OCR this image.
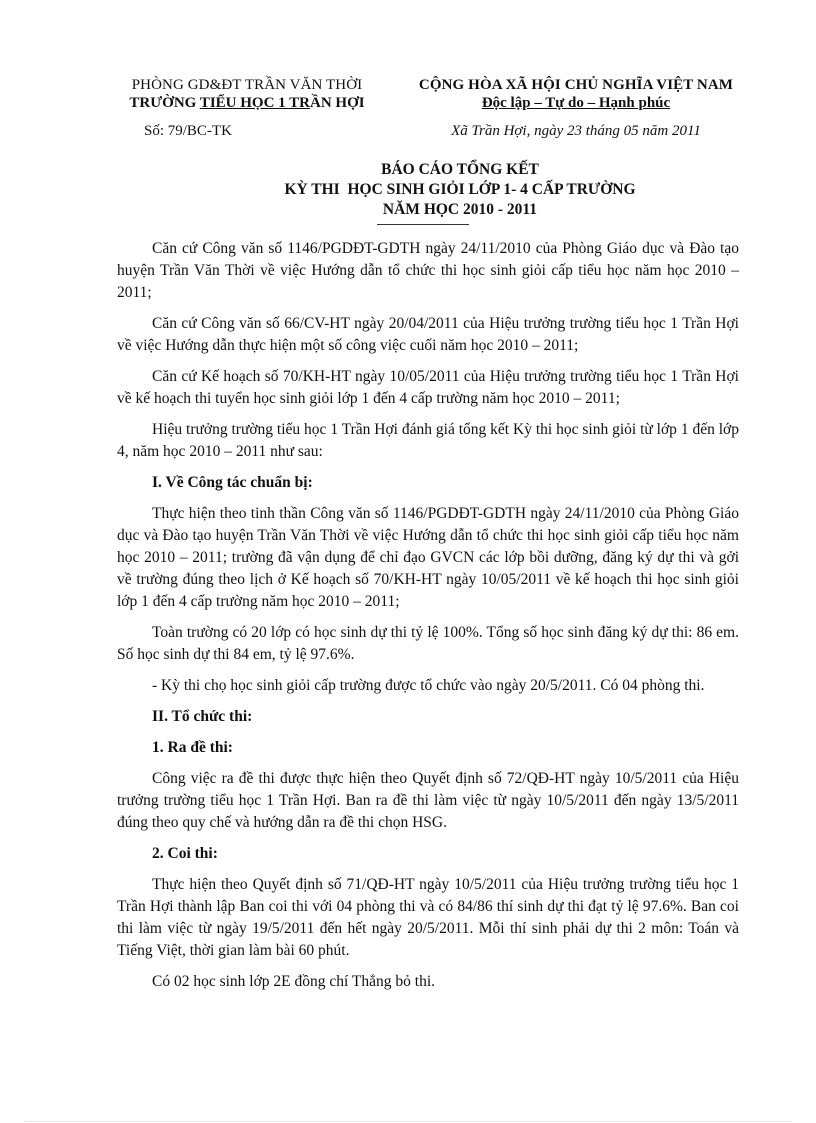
PHÒNG GD&ĐT TRẦN VĂN THỜI
TRƯỜNG TIỂU HỌC 1 TRẦN HỢI
Số: 79/BC-TK
CỘNG HÒA XÃ HỘI CHỦ NGHĨA VIỆT NAM
Độc lập – Tự do – Hạnh phúc
Xã Trần Hợi, ngày 23 tháng 05 năm 2011
BÁO CÁO TỔNG KẾT
KỲ THI  HỌC SINH GIỎI LỚP 1- 4 CẤP TRƯỜNG
NĂM HỌC 2010 - 2011

Căn cứ Công văn số 1146/PGDĐT-GDTH ngày 24/11/2010 của Phòng Giáo dục và Đào tạo huyện Trần Văn Thời về việc Hướng dẫn tổ chức thi học sinh giỏi cấp tiểu học năm học 2010 – 2011;

Căn cứ Công văn số 66/CV-HT ngày 20/04/2011 của Hiệu trưởng trường tiểu học 1 Trần Hợi về việc Hướng dẫn thực hiện một số công việc cuối năm học 2010 – 2011;

Căn cứ Kế hoạch số 70/KH-HT ngày 10/05/2011 của Hiệu trưởng trường tiểu học 1 Trần Hợi về kế hoạch thi tuyển học sinh giỏi lớp 1 đến 4 cấp trường năm học 2010 – 2011;

Hiệu trưởng trường tiểu học 1 Trần Hợi đánh giá tổng kết Kỳ thi học sinh giỏi từ lớp 1 đến lớp 4, năm học 2010 – 2011 như sau:

I. Về Công tác chuẩn bị:

Thực hiện theo tinh thần Công văn số 1146/PGDĐT-GDTH ngày 24/11/2010 của Phòng Giáo dục và Đào tạo huyện Trần Văn Thời về việc Hướng dẫn tổ chức thi học sinh giỏi cấp tiểu học năm học 2010 – 2011; trường đã vận dụng để chỉ đạo GVCN các lớp bồi dưỡng, đăng ký dự thi và gởi về trường đúng theo lịch ở Kế hoạch số 70/KH-HT ngày 10/05/2011 về kế hoạch thi học sinh giỏi lớp 1 đến 4 cấp trường năm học 2010 – 2011;

Toàn trường có 20 lớp có học sinh dự thi tỷ lệ 100%. Tổng số học sinh đăng ký dự thi: 86 em. Số học sinh dự thi 84 em, tỷ lệ 97.6%.

- Kỳ thi chọ học sinh giỏi cấp trường được tổ chức vào ngày 20/5/2011. Có 04 phòng thi.

II. Tổ chức thi:
1. Ra đề thi:

Công việc ra đề thi được thực hiện theo Quyết định số 72/QĐ-HT ngày 10/5/2011 của Hiệu trưởng trường tiểu học 1 Trần Hợi. Ban ra đề thi làm việc từ ngày 10/5/2011 đến ngày 13/5/2011 đúng theo quy chế và hướng dẫn ra đề thi chọn HSG.

2. Coi thi:

Thực hiện theo Quyết định số 71/QĐ-HT ngày 10/5/2011 của Hiệu trưởng trường tiểu học 1 Trần Hợi thành lập Ban coi thi với 04 phòng thi và có 84/86 thí sinh dự thi đạt tỷ lệ 97.6%. Ban coi thi làm việc từ ngày 19/5/2011 đến hết ngày 20/5/2011. Mỗi thí sinh phải dự thi 2 môn: Toán và Tiếng Việt, thời gian làm bài 60 phút.

Có 02 học sinh lớp 2E đồng chí Thắng bỏ thi.
